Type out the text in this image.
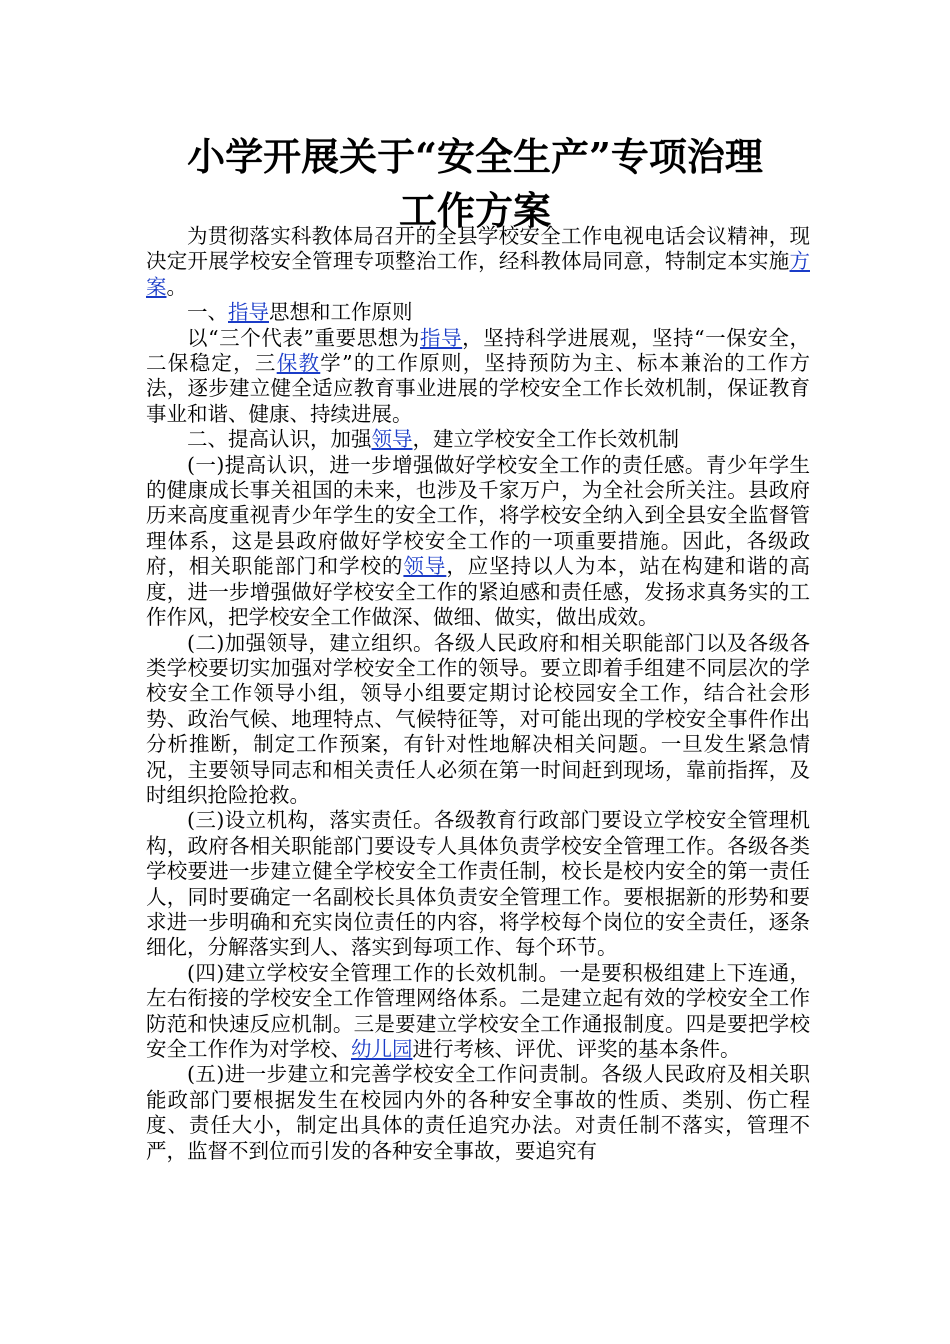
小学开展关于“安全生产”专项治理
工作方案

为贯彻落实科教体局召开的全县学校安全工作电视电话会议精神，现决定开展学校安全管理专项整治工作，经科教体局同意，特制定本实施方案。

一、指导思想和工作原则

以“三个代表”重要思想为指导，坚持科学进展观，坚持“一保安全，二保稳定，三保教学”的工作原则，坚持预防为主、标本兼治的工作方法，逐步建立健全适应教育事业进展的学校安全工作长效机制，保证教育事业和谐、健康、持续进展。

二、提高认识，加强领导，建立学校安全工作长效机制

(一)提高认识，进一步增强做好学校安全工作的责任感。青少年学生的健康成长事关祖国的未来，也涉及千家万户，为全社会所关注。县政府历来高度重视青少年学生的安全工作，将学校安全纳入到全县安全监督管理体系，这是县政府做好学校安全工作的一项重要措施。因此，各级政府，相关职能部门和学校的领导，应坚持以人为本，站在构建和谐的高度，进一步增强做好学校安全工作的紧迫感和责任感，发扬求真务实的工作作风，把学校安全工作做深、做细、做实，做出成效。

(二)加强领导，建立组织。各级人民政府和相关职能部门以及各级各类学校要切实加强对学校安全工作的领导。要立即着手组建不同层次的学校安全工作领导小组，领导小组要定期讨论校园安全工作，结合社会形势、政治气候、地理特点、气候特征等，对可能出现的学校安全事件作出分析推断，制定工作预案，有针对性地解决相关问题。一旦发生紧急情况，主要领导同志和相关责任人必须在第一时间赶到现场，靠前指挥，及时组织抢险抢救。

(三)设立机构，落实责任。各级教育行政部门要设立学校安全管理机构，政府各相关职能部门要设专人具体负责学校安全管理工作。各级各类学校要进一步建立健全学校安全工作责任制，校长是校内安全的第一责任人，同时要确定一名副校长具体负责安全管理工作。要根据新的形势和要求进一步明确和充实岗位责任的内容，将学校每个岗位的安全责任，逐条细化，分解落实到人、落实到每项工作、每个环节。

(四)建立学校安全管理工作的长效机制。一是要积极组建上下连通，左右衔接的学校安全工作管理网络体系。二是建立起有效的学校安全工作防范和快速反应机制。三是要建立学校安全工作通报制度。四是要把学校安全工作作为对学校、幼儿园进行考核、评优、评奖的基本条件。

(五)进一步建立和完善学校安全工作问责制。各级人民政府及相关职能政部门要根据发生在校园内外的各种安全事故的性质、类别、伤亡程度、责任大小，制定出具体的责任追究办法。对责任制不落实，管理不严，监督不到位而引发的各种安全事故，要追究有
